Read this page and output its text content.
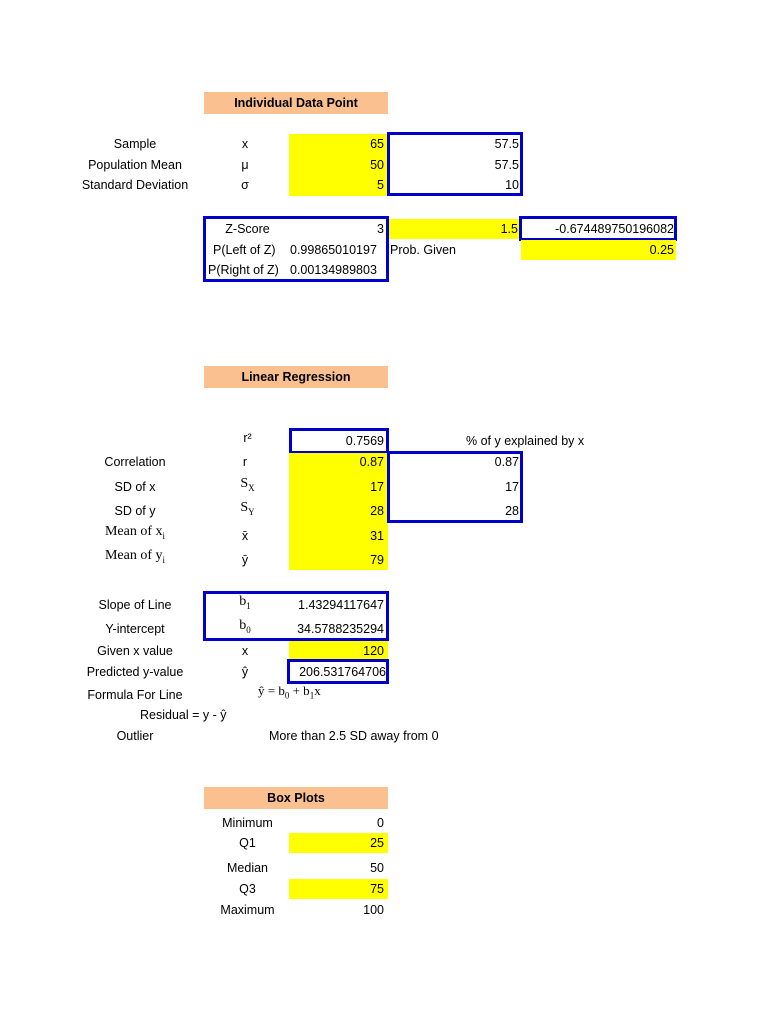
Individual Data Point
Sample	x	65	57.5
Population Mean	μ	50	57.5
Standard Deviation	σ	5	10
Z-Score	3	1.5	-0.674489750196082
P(Left of Z)	0.99865010197	Prob. Given	0.25
P(Right of Z) 0.00134989803
Linear Regression
r²	0.7569	% of y explained by x
Correlation	r	0.87	0.87
SD of x	$S_X$	17	17
SD of y	$S_Y$	28	28
Mean of $x_i$	x̄	31
Mean of $y_i$	ȳ	79
Slope of Line	$b_1$	1.43294117647
Y-intercept	$b_0$	34.5788235294
Given x value	x	120
Predicted y-value	ŷ	206.531764706
Formula For Line	ŷ = $b_0 + b_1x$
Residual = y - ŷ
Outlier	More than 2.5 SD away from 0
Box Plots
Minimum	0
Q1	25
Median	50
Q3	75
Maximum	100
